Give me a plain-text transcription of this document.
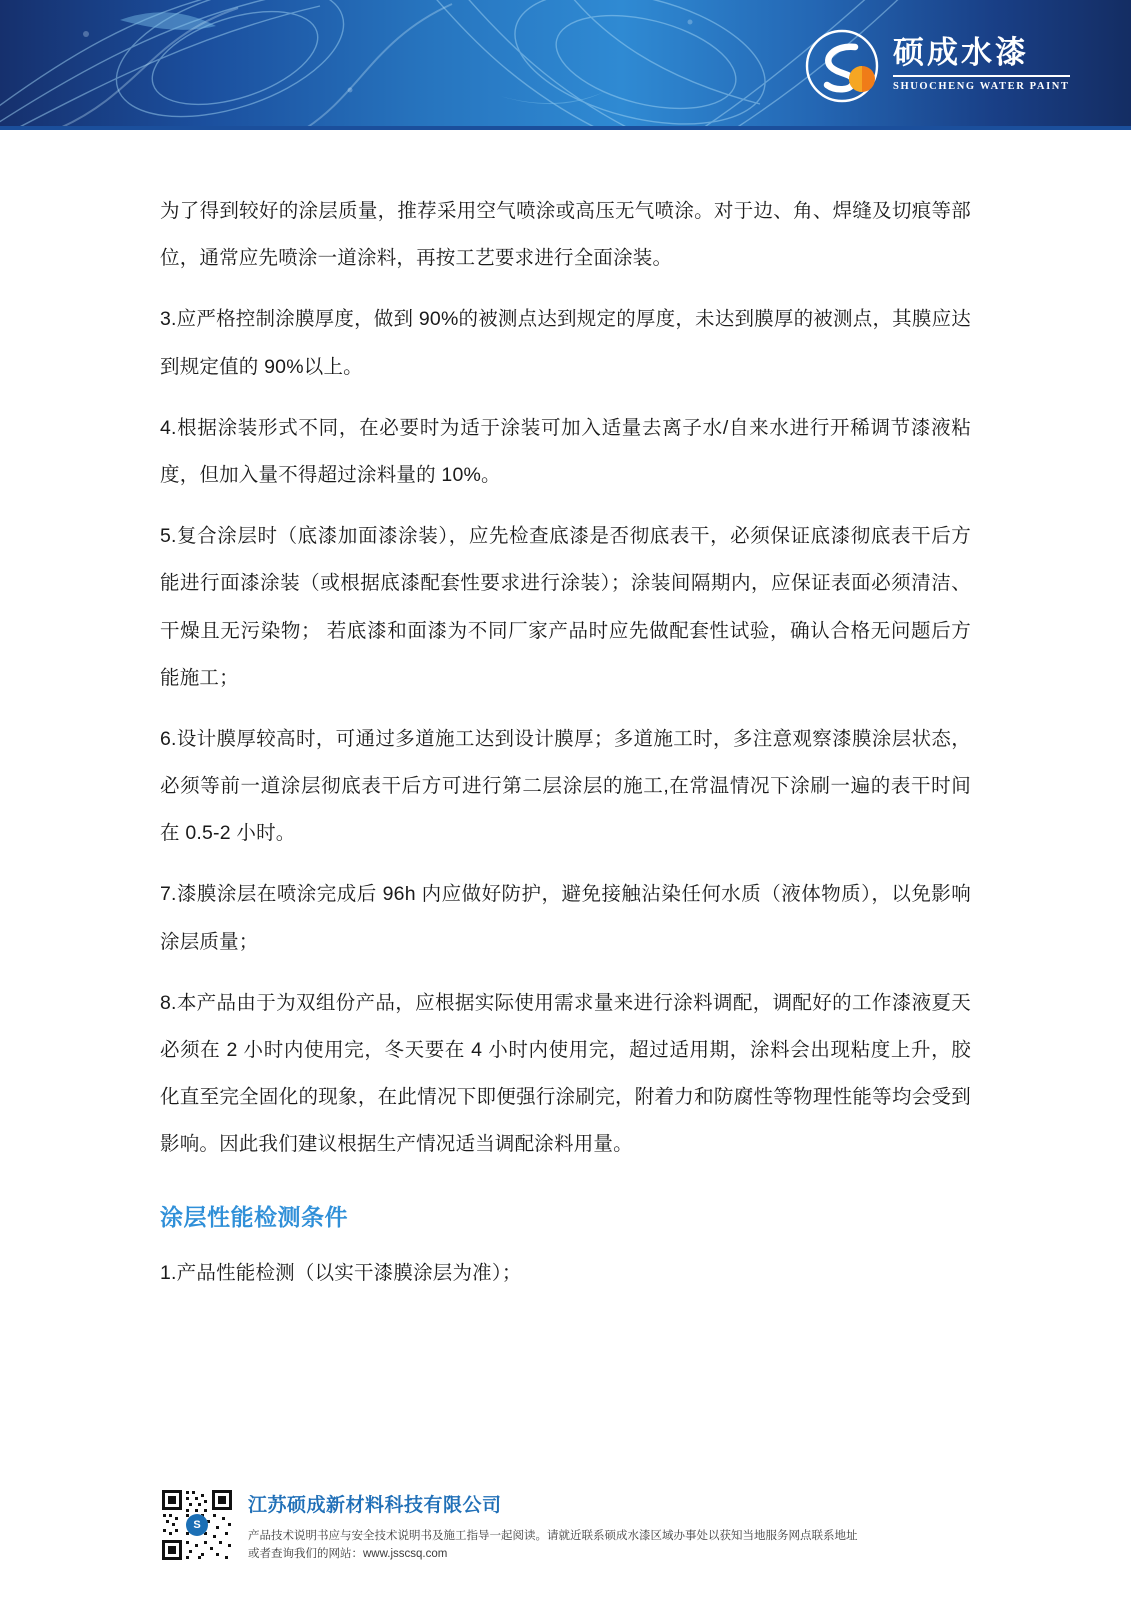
硕成水漆
SHUOCHENG WATER PAINT

为了得到较好的涂层质量，推荐采用空气喷涂或高压无气喷涂。对于边、角、焊缝及切痕等部位，通常应先喷涂一道涂料，再按工艺要求进行全面涂装。

3.应严格控制涂膜厚度，做到 90%的被测点达到规定的厚度，未达到膜厚的被测点，其膜应达到规定值的 90%以上。

4.根据涂装形式不同，在必要时为适于涂装可加入适量去离子水/自来水进行开稀调节漆液粘度，但加入量不得超过涂料量的 10%。

5.复合涂层时（底漆加面漆涂装），应先检查底漆是否彻底表干，必须保证底漆彻底表干后方能进行面漆涂装（或根据底漆配套性要求进行涂装）；涂装间隔期内，应保证表面必须清洁、干燥且无污染物； 若底漆和面漆为不同厂家产品时应先做配套性试验，确认合格无问题后方能施工；

6.设计膜厚较高时，可通过多道施工达到设计膜厚；多道施工时，多注意观察漆膜涂层状态，必须等前一道涂层彻底表干后方可进行第二层涂层的施工,在常温情况下涂刷一遍的表干时间在 0.5-2 小时。

7.漆膜涂层在喷涂完成后 96h 内应做好防护，避免接触沾染任何水质（液体物质），以免影响涂层质量；

8.本产品由于为双组份产品，应根据实际使用需求量来进行涂料调配，调配好的工作漆液夏天必须在 2 小时内使用完，冬天要在 4 小时内使用完，超过适用期，涂料会出现粘度上升，胶化直至完全固化的现象，在此情况下即便强行涂刷完，附着力和防腐性等物理性能等均会受到影响。因此我们建议根据生产情况适当调配涂料用量。

涂层性能检测条件

1.产品性能检测（以实干漆膜涂层为准）；

S
江苏硕成新材料科技有限公司
产品技术说明书应与安全技术说明书及施工指导一起阅读。请就近联系硕成水漆区域办事处以获知当地服务网点联系地址
或者查询我们的网站：www.jsscsq.com
